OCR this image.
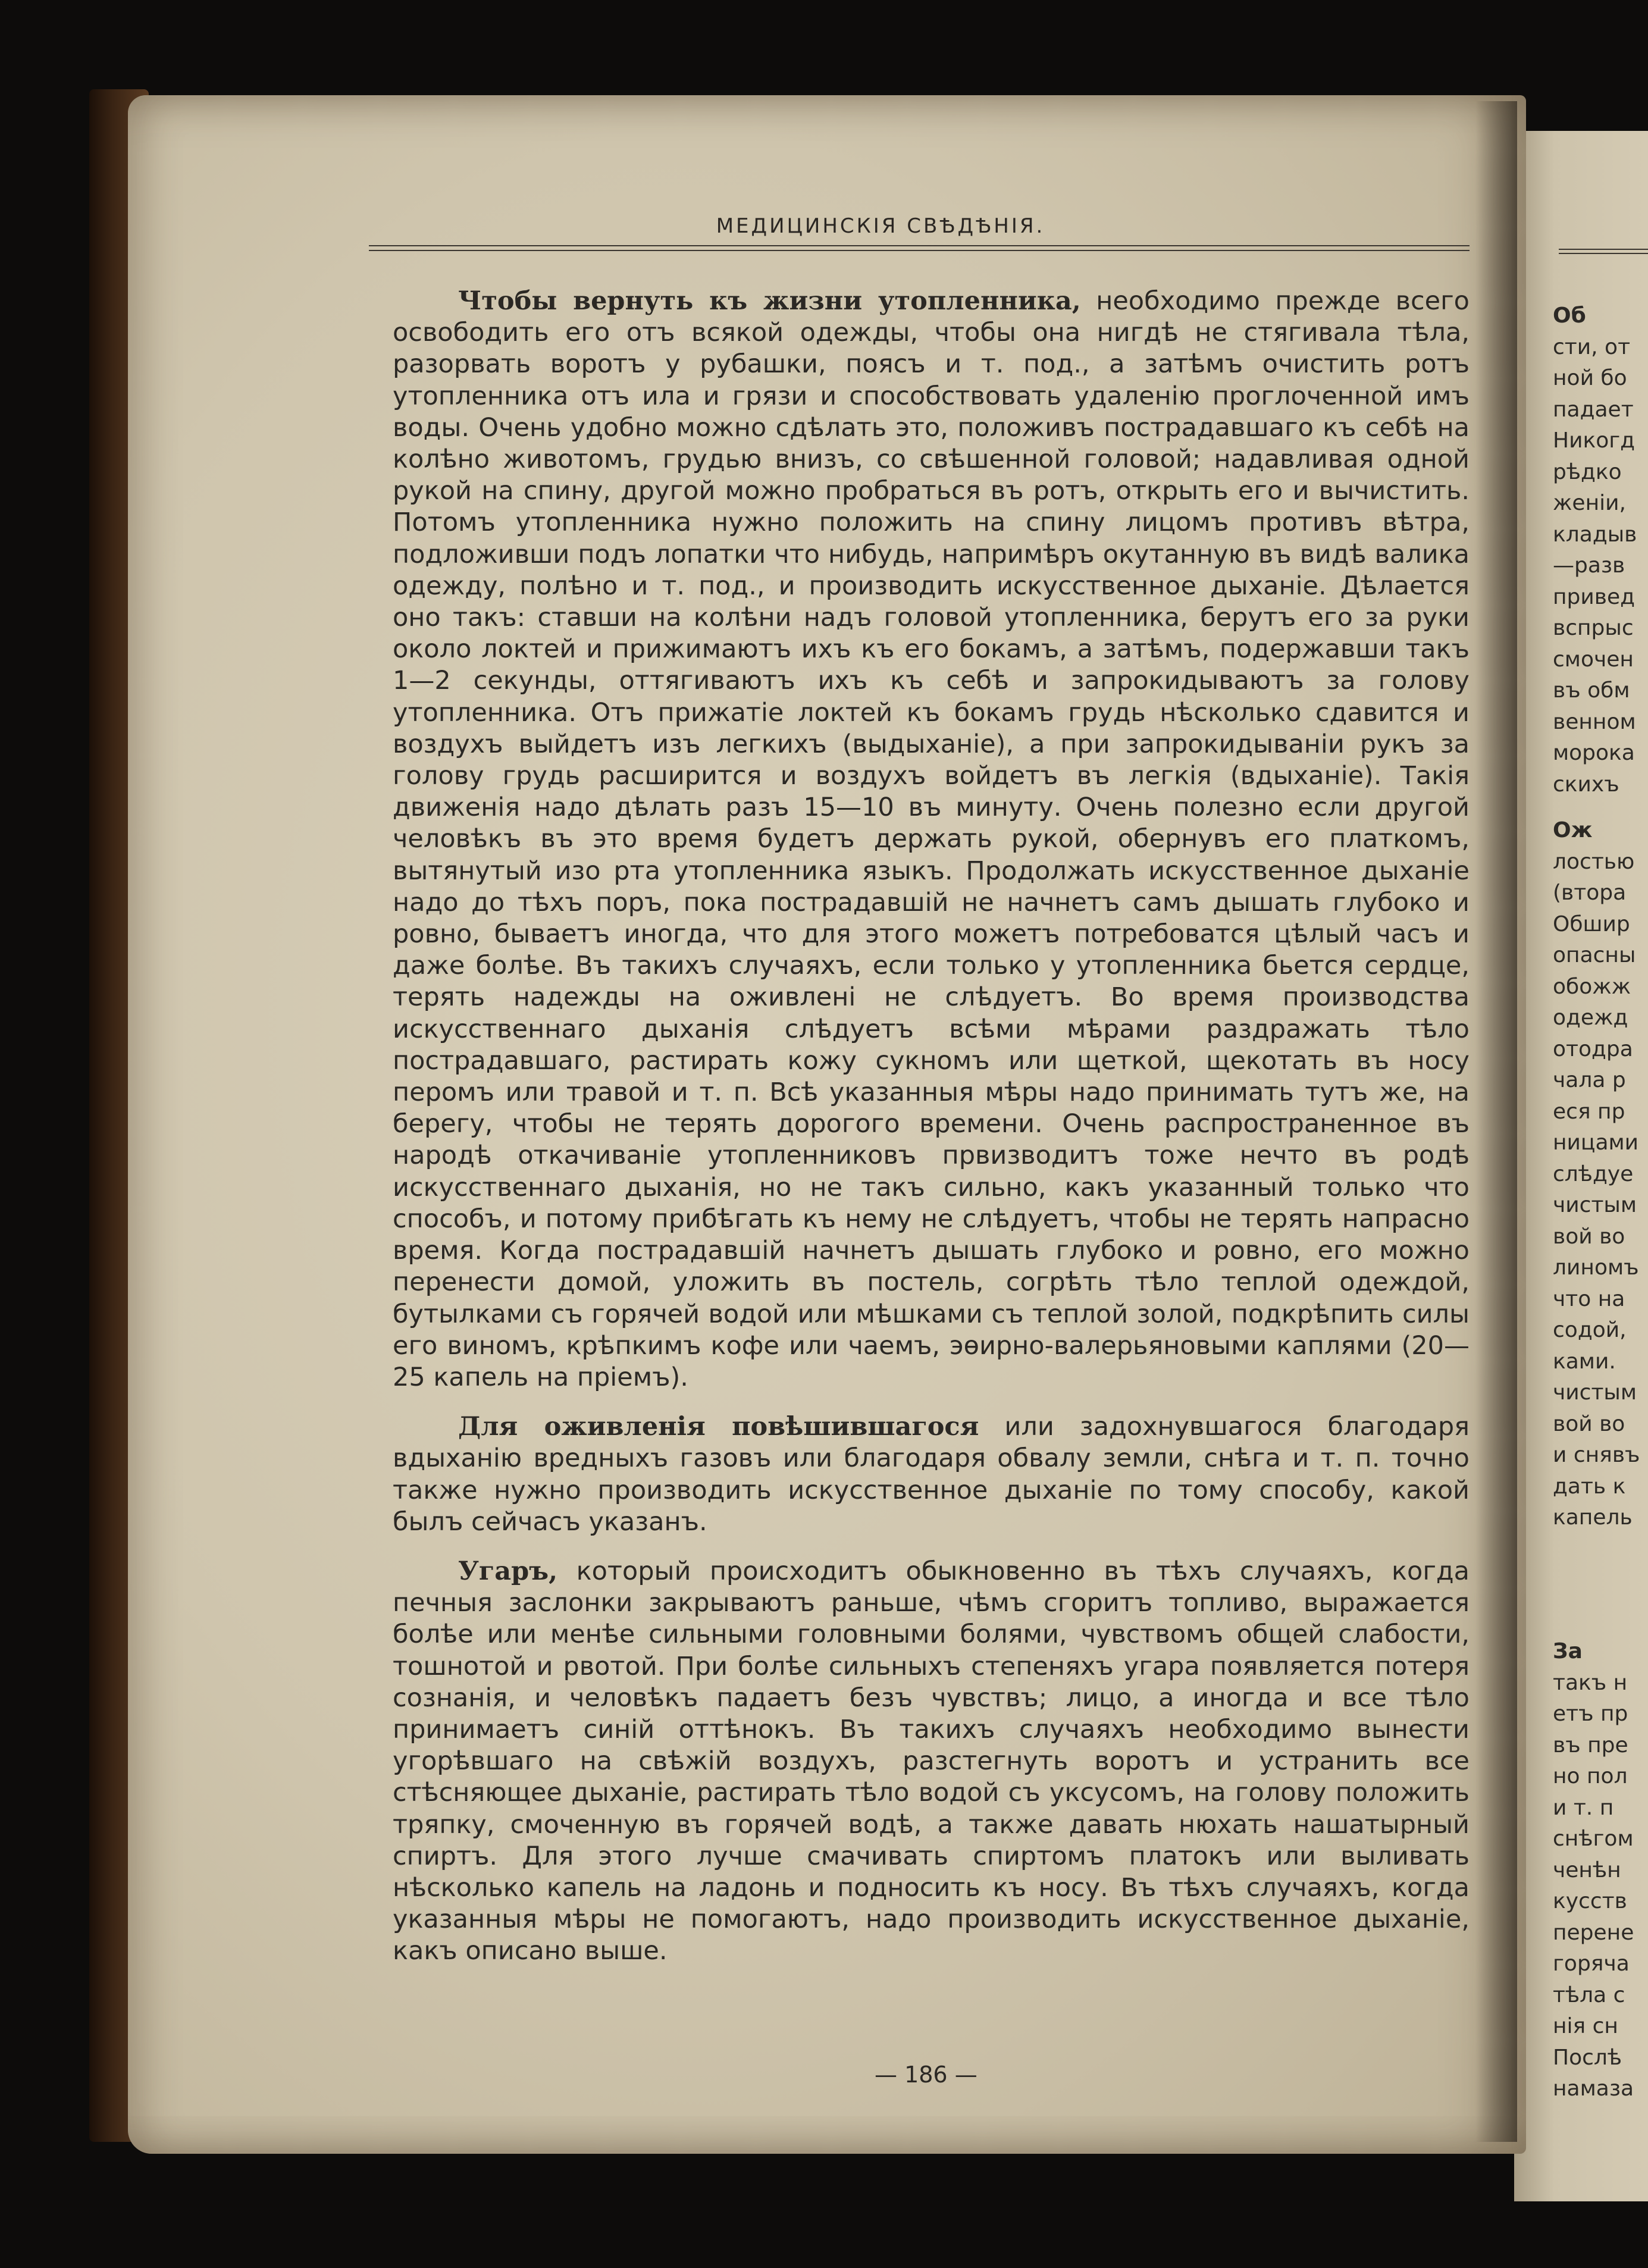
МЕДИЦИНСКІЯ СВѢДѢНІЯ.

Чтобы вернуть къ жизни утопленника, необходимо прежде всего освободить его отъ всякой одежды, чтобы она нигдѣ не стягивала тѣла, разорвать воротъ у рубашки, поясъ и т. под., а затѣмъ очистить ротъ утопленника отъ ила и грязи и способствовать удаленію проглоченной имъ воды. Очень удобно можно сдѣлать это, положивъ пострадавшаго къ себѣ на колѣно животомъ, грудью внизъ, со свѣшенной головой; надавливая одной рукой на спину, другой можно пробраться въ ротъ, открыть его и вычистить. Потомъ утопленника нужно положить на спину лицомъ противъ вѣтра, подложивши подъ лопатки что нибудь, напримѣръ окутанную въ видѣ валика одежду, полѣно и т. под., и производить искусственное дыханіе. Дѣлается оно такъ: ставши на колѣни надъ головой утопленника, берутъ его за руки около локтей и прижимаютъ ихъ къ его бокамъ, а затѣмъ, подержавши такъ 1—2 секунды, оттягиваютъ ихъ къ себѣ и запрокидываютъ за голову утопленника. Отъ прижатіе локтей къ бокамъ грудь нѣсколько сдавится и воздухъ выйдетъ изъ легкихъ (выдыханіе), а при запрокидываніи рукъ за голову грудь расширится и воздухъ войдетъ въ легкія (вдыханіе). Такія движенія надо дѣлать разъ 15—10 въ минуту. Очень полезно если другой человѣкъ въ это время будетъ держать рукой, обернувъ его платкомъ, вытянутый изо рта утопленника языкъ. Продолжать искусственное дыханіе надо до тѣхъ поръ, пока пострадавшій не начнетъ самъ дышать глубоко и ровно, бываетъ иногда, что для этого можетъ потребоватся цѣлый часъ и даже болѣе. Въ такихъ случаяхъ, если только у утопленника бьется сердце, терять надежды на оживлені не слѣдуетъ. Во время производства искусственнаго дыханія слѣдуетъ всѣми мѣрами раздражать тѣло пострадавшаго, растирать кожу сукномъ или щеткой, щекотать въ носу перомъ или травой и т. п. Всѣ указанныя мѣры надо принимать тутъ же, на берегу, чтобы не терять дорогого времени. Очень распространенное въ народѣ откачиваніе утопленниковъ првизводитъ тоже нечто въ родѣ искусственнаго дыханія, но не такъ сильно, какъ указанный только что способъ, и потому прибѣгать къ нему не слѣдуетъ, чтобы не терять напрасно время. Когда пострадавшій начнетъ дышать глубоко и ровно, его можно перенести домой, уложить въ постель, согрѣть тѣло теплой одеждой, бутылками съ горячей водой или мѣшками съ теплой золой, подкрѣпить силы его виномъ, крѣпкимъ кофе или чаемъ, эѳирно-валерьяновыми каплями (20—25 капель на пріемъ).

Для оживленія повѣшившагося или задохнувшагося благодаря вдыханію вредныхъ газовъ или благодаря обвалу земли, снѣга и т. п. точно также нужно производить искусственное дыханіе по тому способу, какой былъ сейчасъ указанъ.

Угаръ, который происходитъ обыкновенно въ тѣхъ случаяхъ, когда печныя заслонки закрываютъ раньше, чѣмъ сгоритъ топливо, выражается болѣе или менѣе сильными головными болями, чувствомъ общей слабости, тошнотой и рвотой. При болѣе сильныхъ степеняхъ угара появляется потеря сознанія, и человѣкъ падаетъ безъ чувствъ; лицо, а иногда и все тѣло принимаетъ синій оттѣнокъ. Въ такихъ случаяхъ необходимо вынести угорѣвшаго на свѣжій воздухъ, разстегнуть воротъ и устранить все стѣсняющее дыханіе, растирать тѣло водой съ уксусомъ, на голову положить тряпку, смоченную въ горячей водѣ, а также давать нюхать нашатырный спиртъ. Для этого лучше смачивать спиртомъ платокъ или выливать нѣсколько капель на ладонь и подносить къ носу. Въ тѣхъ случаяхъ, когда указанныя мѣры не помогаютъ, надо производить искусственное дыханіе, какъ описано выше.

— 186 —
Об
сти, от
ной бо
падает
Никогд
рѣдко
женіи,
кладыв
—разв
привед
вспрыс
смочен
въ обм
венном
морока
скихъ
Ож
лостью
(втора
Обшир
опасны
обожж
одежд
отодра
чала р
еся пр
ницами
слѣдуе
чистым
вой во
линомъ
что на
содой,
ками.
чистым
вой во
и снявъ
дать к
капель
За
такъ н
етъ пр
въ пре
но пол
и т. п
снѣгом
ченѣн
кусств
перене
горяча
тѣла с
нія сн
Послѣ
намаза
